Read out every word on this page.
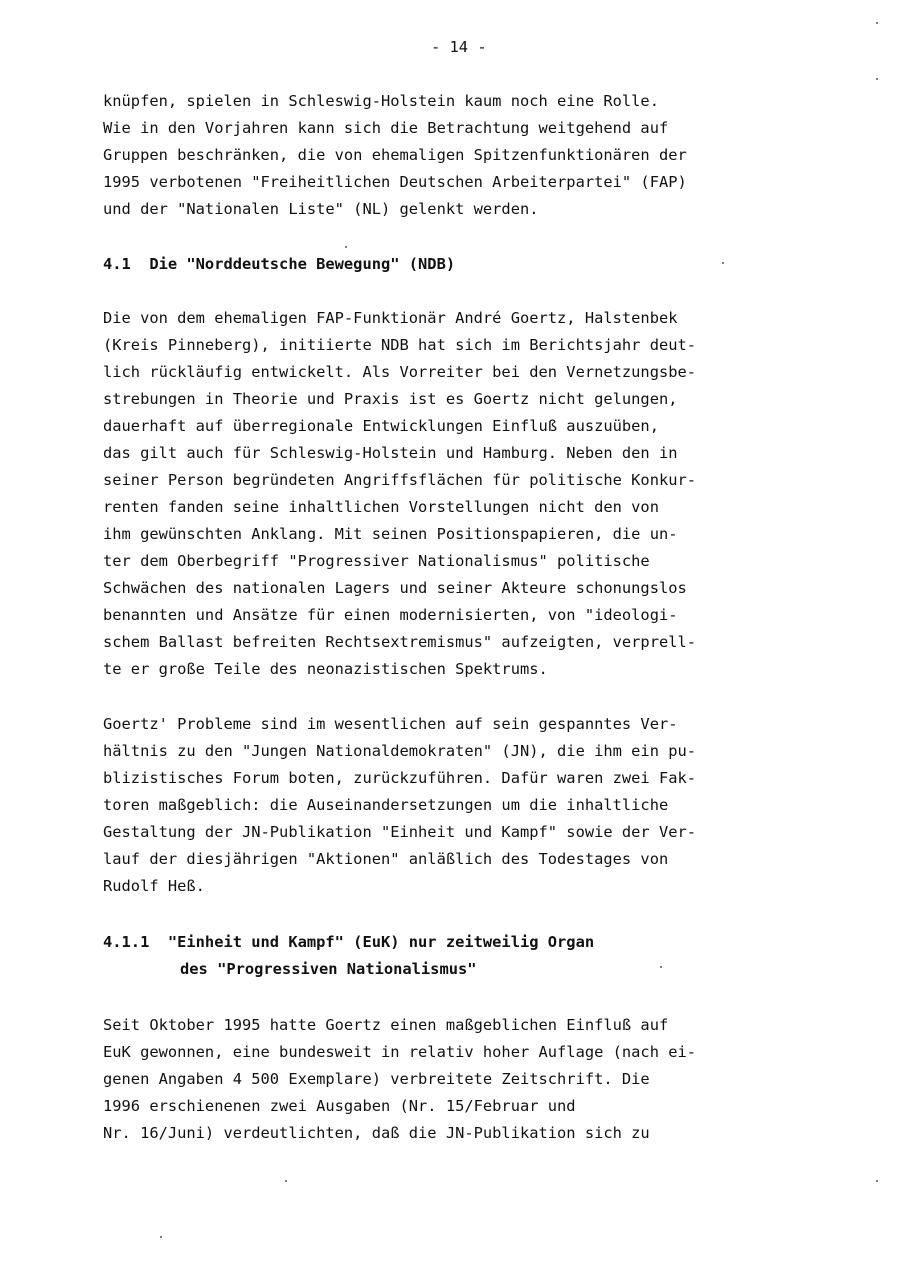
- 14 -
knüpfen, spielen in Schleswig-Holstein kaum noch eine Rolle.
Wie in den Vorjahren kann sich die Betrachtung weitgehend auf
Gruppen beschränken, die von ehemaligen Spitzenfunktionären der
1995 verbotenen "Freiheitlichen Deutschen Arbeiterpartei" (FAP)
und der "Nationalen Liste" (NL) gelenkt werden.
4.1  Die "Norddeutsche Bewegung" (NDB)
Die von dem ehemaligen FAP-Funktionär André Goertz, Halstenbek
(Kreis Pinneberg), initiierte NDB hat sich im Berichtsjahr deut-
lich rückläufig entwickelt. Als Vorreiter bei den Vernetzungsbe-
strebungen in Theorie und Praxis ist es Goertz nicht gelungen,
dauerhaft auf überregionale Entwicklungen Einfluß auszuüben,
das gilt auch für Schleswig-Holstein und Hamburg. Neben den in
seiner Person begründeten Angriffsflächen für politische Konkur-
renten fanden seine inhaltlichen Vorstellungen nicht den von
ihm gewünschten Anklang. Mit seinen Positionspapieren, die un-
ter dem Oberbegriff "Progressiver Nationalismus" politische
Schwächen des nationalen Lagers und seiner Akteure schonungslos
benannten und Ansätze für einen modernisierten, von "ideologi-
schem Ballast befreiten Rechtsextremismus" aufzeigten, verprell-
te er große Teile des neonazistischen Spektrums.
Goertz' Probleme sind im wesentlichen auf sein gespanntes Ver-
hältnis zu den "Jungen Nationaldemokraten" (JN), die ihm ein pu-
blizistisches Forum boten, zurückzuführen. Dafür waren zwei Fak-
toren maßgeblich: die Auseinandersetzungen um die inhaltliche
Gestaltung der JN-Publikation "Einheit und Kampf" sowie der Ver-
lauf der diesjährigen "Aktionen" anläßlich des Todestages von
Rudolf Heß.
4.1.1  "Einheit und Kampf" (EuK) nur zeitweilig Organ
des "Progressiven Nationalismus"
Seit Oktober 1995 hatte Goertz einen maßgeblichen Einfluß auf
EuK gewonnen, eine bundesweit in relativ hoher Auflage (nach ei-
genen Angaben 4 500 Exemplare) verbreitete Zeitschrift. Die
1996 erschienenen zwei Ausgaben (Nr. 15/Februar und
Nr. 16/Juni) verdeutlichten, daß die JN-Publikation sich zu
